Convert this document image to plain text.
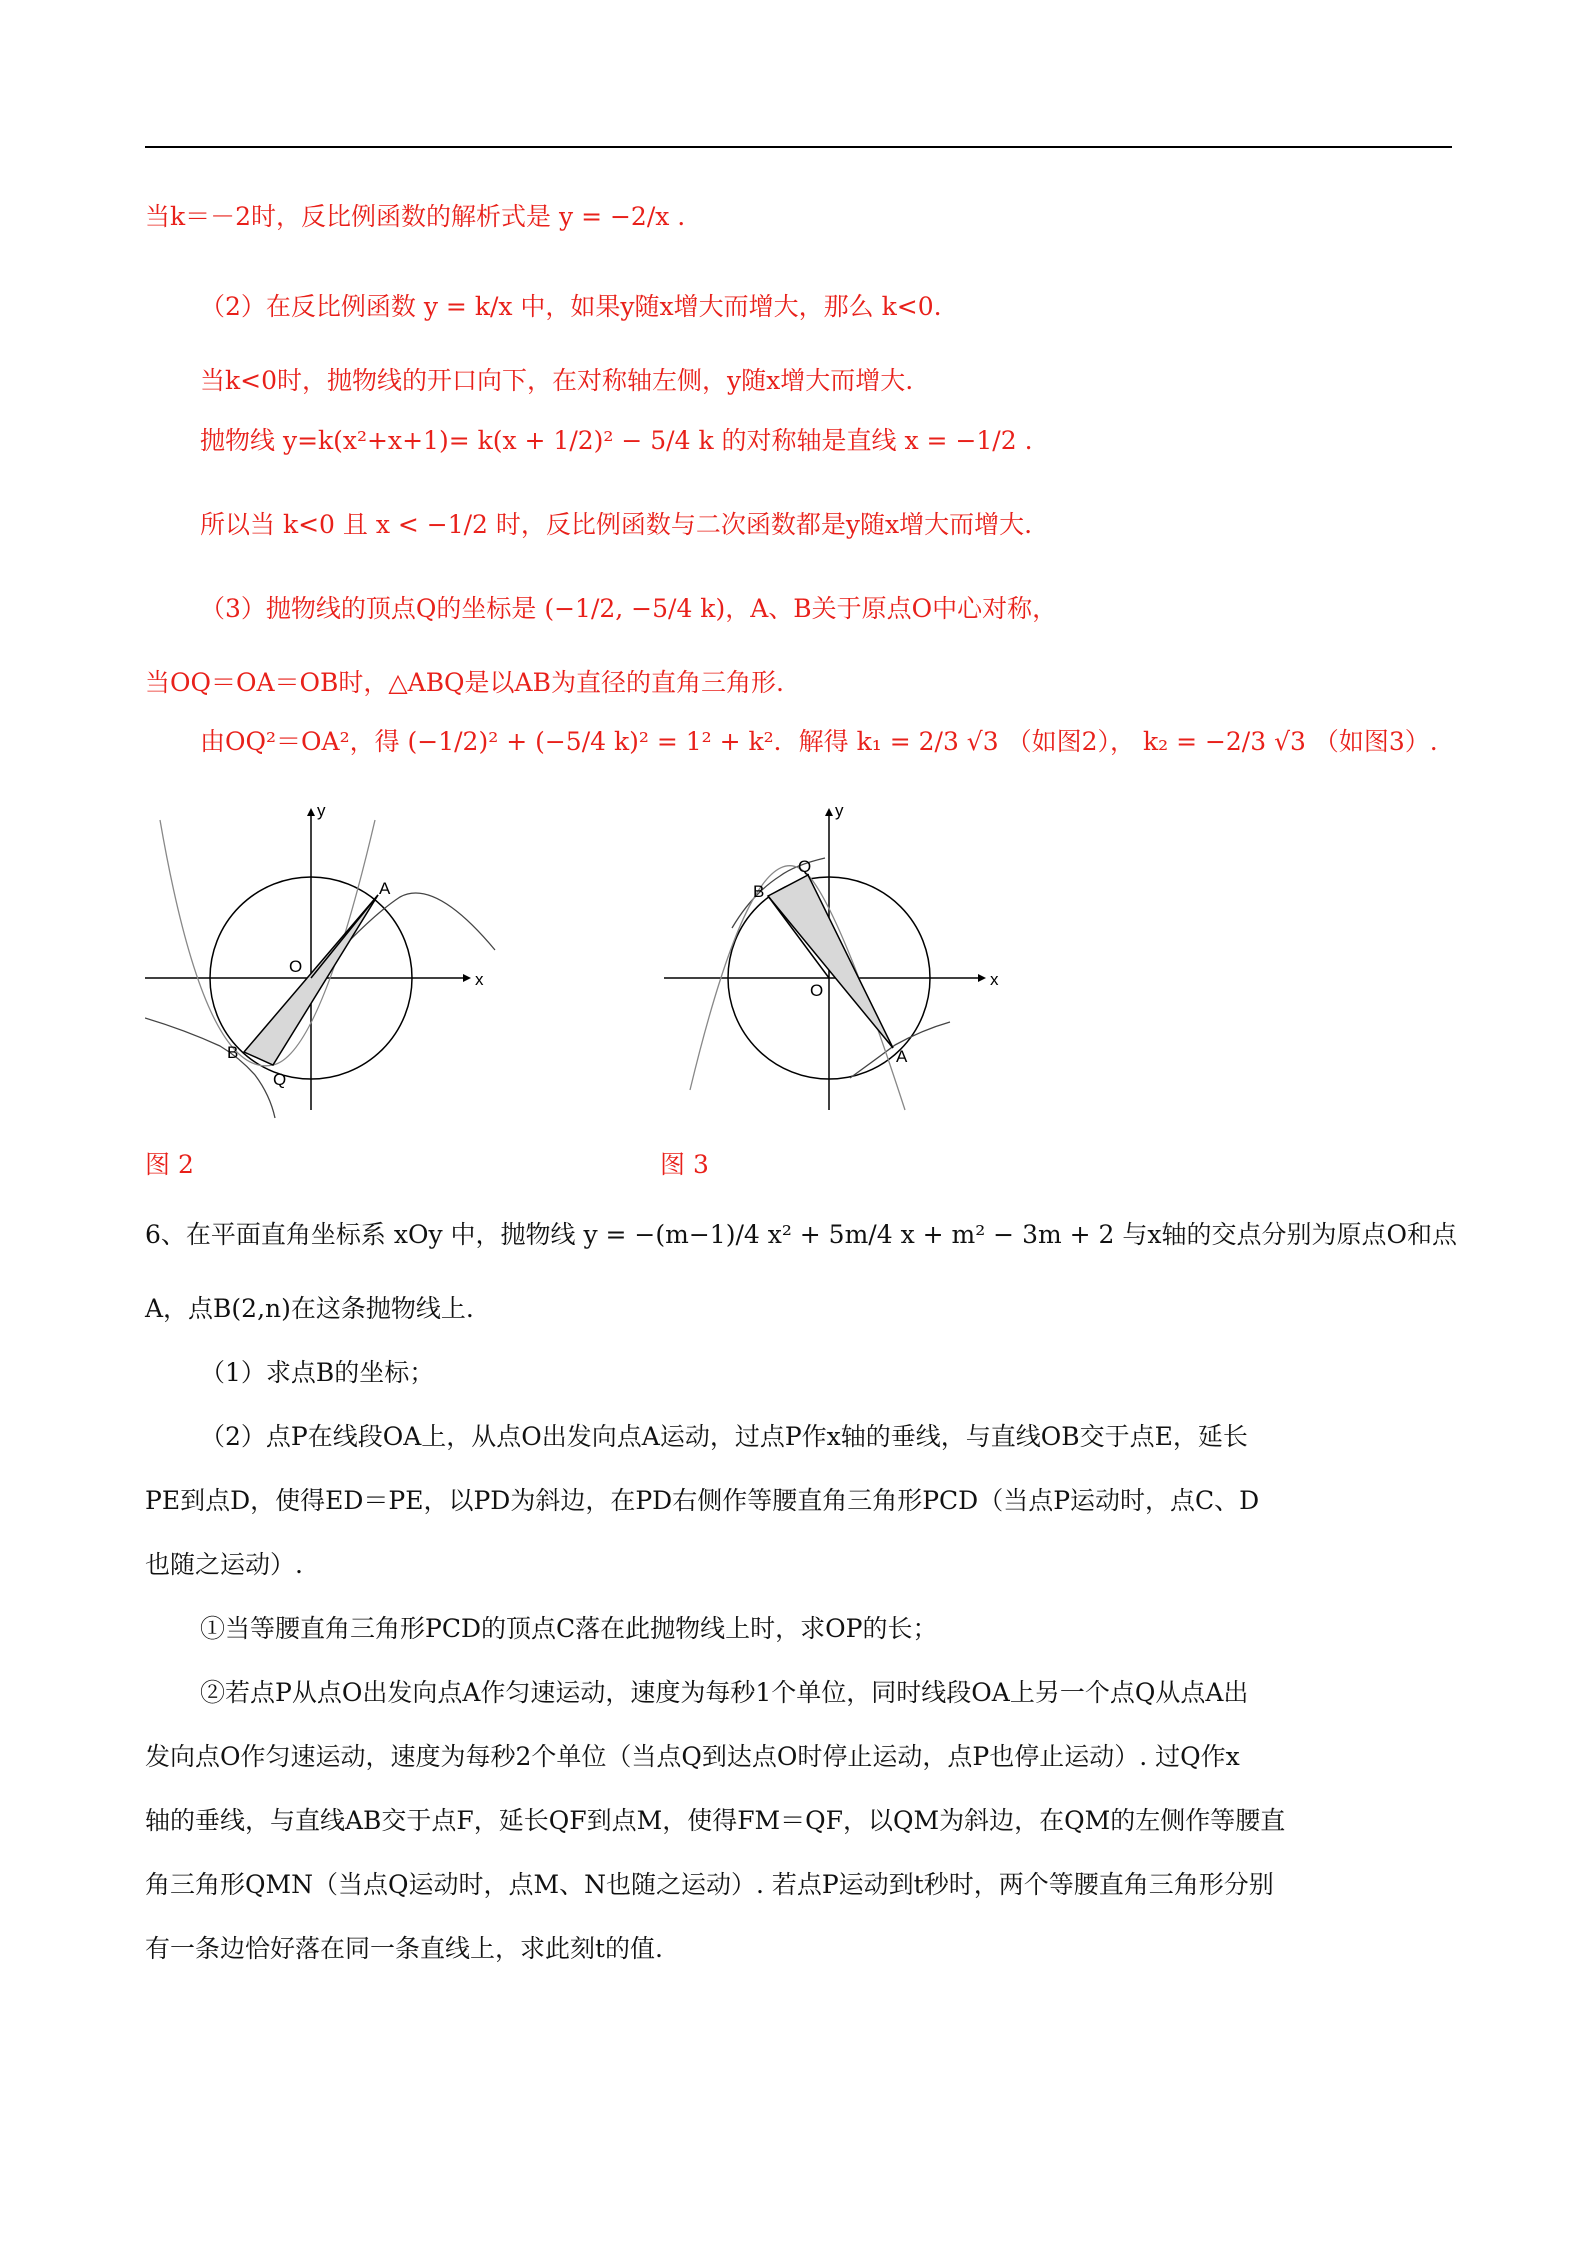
当k＝－2时，反比例函数的解析式是 y = −2/x .
（2）在反比例函数 y = k/x 中，如果y随x增大而增大，那么 k<0.
当k<0时，抛物线的开口向下，在对称轴左侧，y随x增大而增大.
抛物线 y=k(x²+x+1)= k(x + 1/2)² − 5/4 k 的对称轴是直线 x = −1/2 .
所以当 k<0 且 x < −1/2 时，反比例函数与二次函数都是y随x增大而增大.
（3）抛物线的顶点Q的坐标是 (−1/2, −5/4 k)，A、B关于原点O中心对称，
当OQ＝OA＝OB时，△ABQ是以AB为直径的直角三角形.
由OQ²＝OA²，得 (−1/2)² + (−5/4 k)² = 1² + k²．解得 k₁ = 2/3 √3 （如图2）， k₂ = −2/3 √3 （如图3）.
y
x
O
A
B
Q
图 2
y
x
O
A
B
Q
图 3
6、在平面直角坐标系 xOy 中，抛物线 y = −(m−1)/4 x² + 5m/4 x + m² − 3m + 2 与x轴的交点分别为原点O和点
A，点B(2,n)在这条抛物线上.
（1）求点B的坐标；
（2）点P在线段OA上，从点O出发向点A运动，过点P作x轴的垂线，与直线OB交于点E，延长
PE到点D，使得ED＝PE，以PD为斜边，在PD右侧作等腰直角三角形PCD（当点P运动时，点C、D
也随之运动）.
①当等腰直角三角形PCD的顶点C落在此抛物线上时，求OP的长；
②若点P从点O出发向点A作匀速运动，速度为每秒1个单位，同时线段OA上另一个点Q从点A出
发向点O作匀速运动，速度为每秒2个单位（当点Q到达点O时停止运动，点P也停止运动）. 过Q作x
轴的垂线，与直线AB交于点F，延长QF到点M，使得FM＝QF，以QM为斜边，在QM的左侧作等腰直
角三角形QMN（当点Q运动时，点M、N也随之运动）. 若点P运动到t秒时，两个等腰直角三角形分别
有一条边恰好落在同一条直线上，求此刻t的值.
